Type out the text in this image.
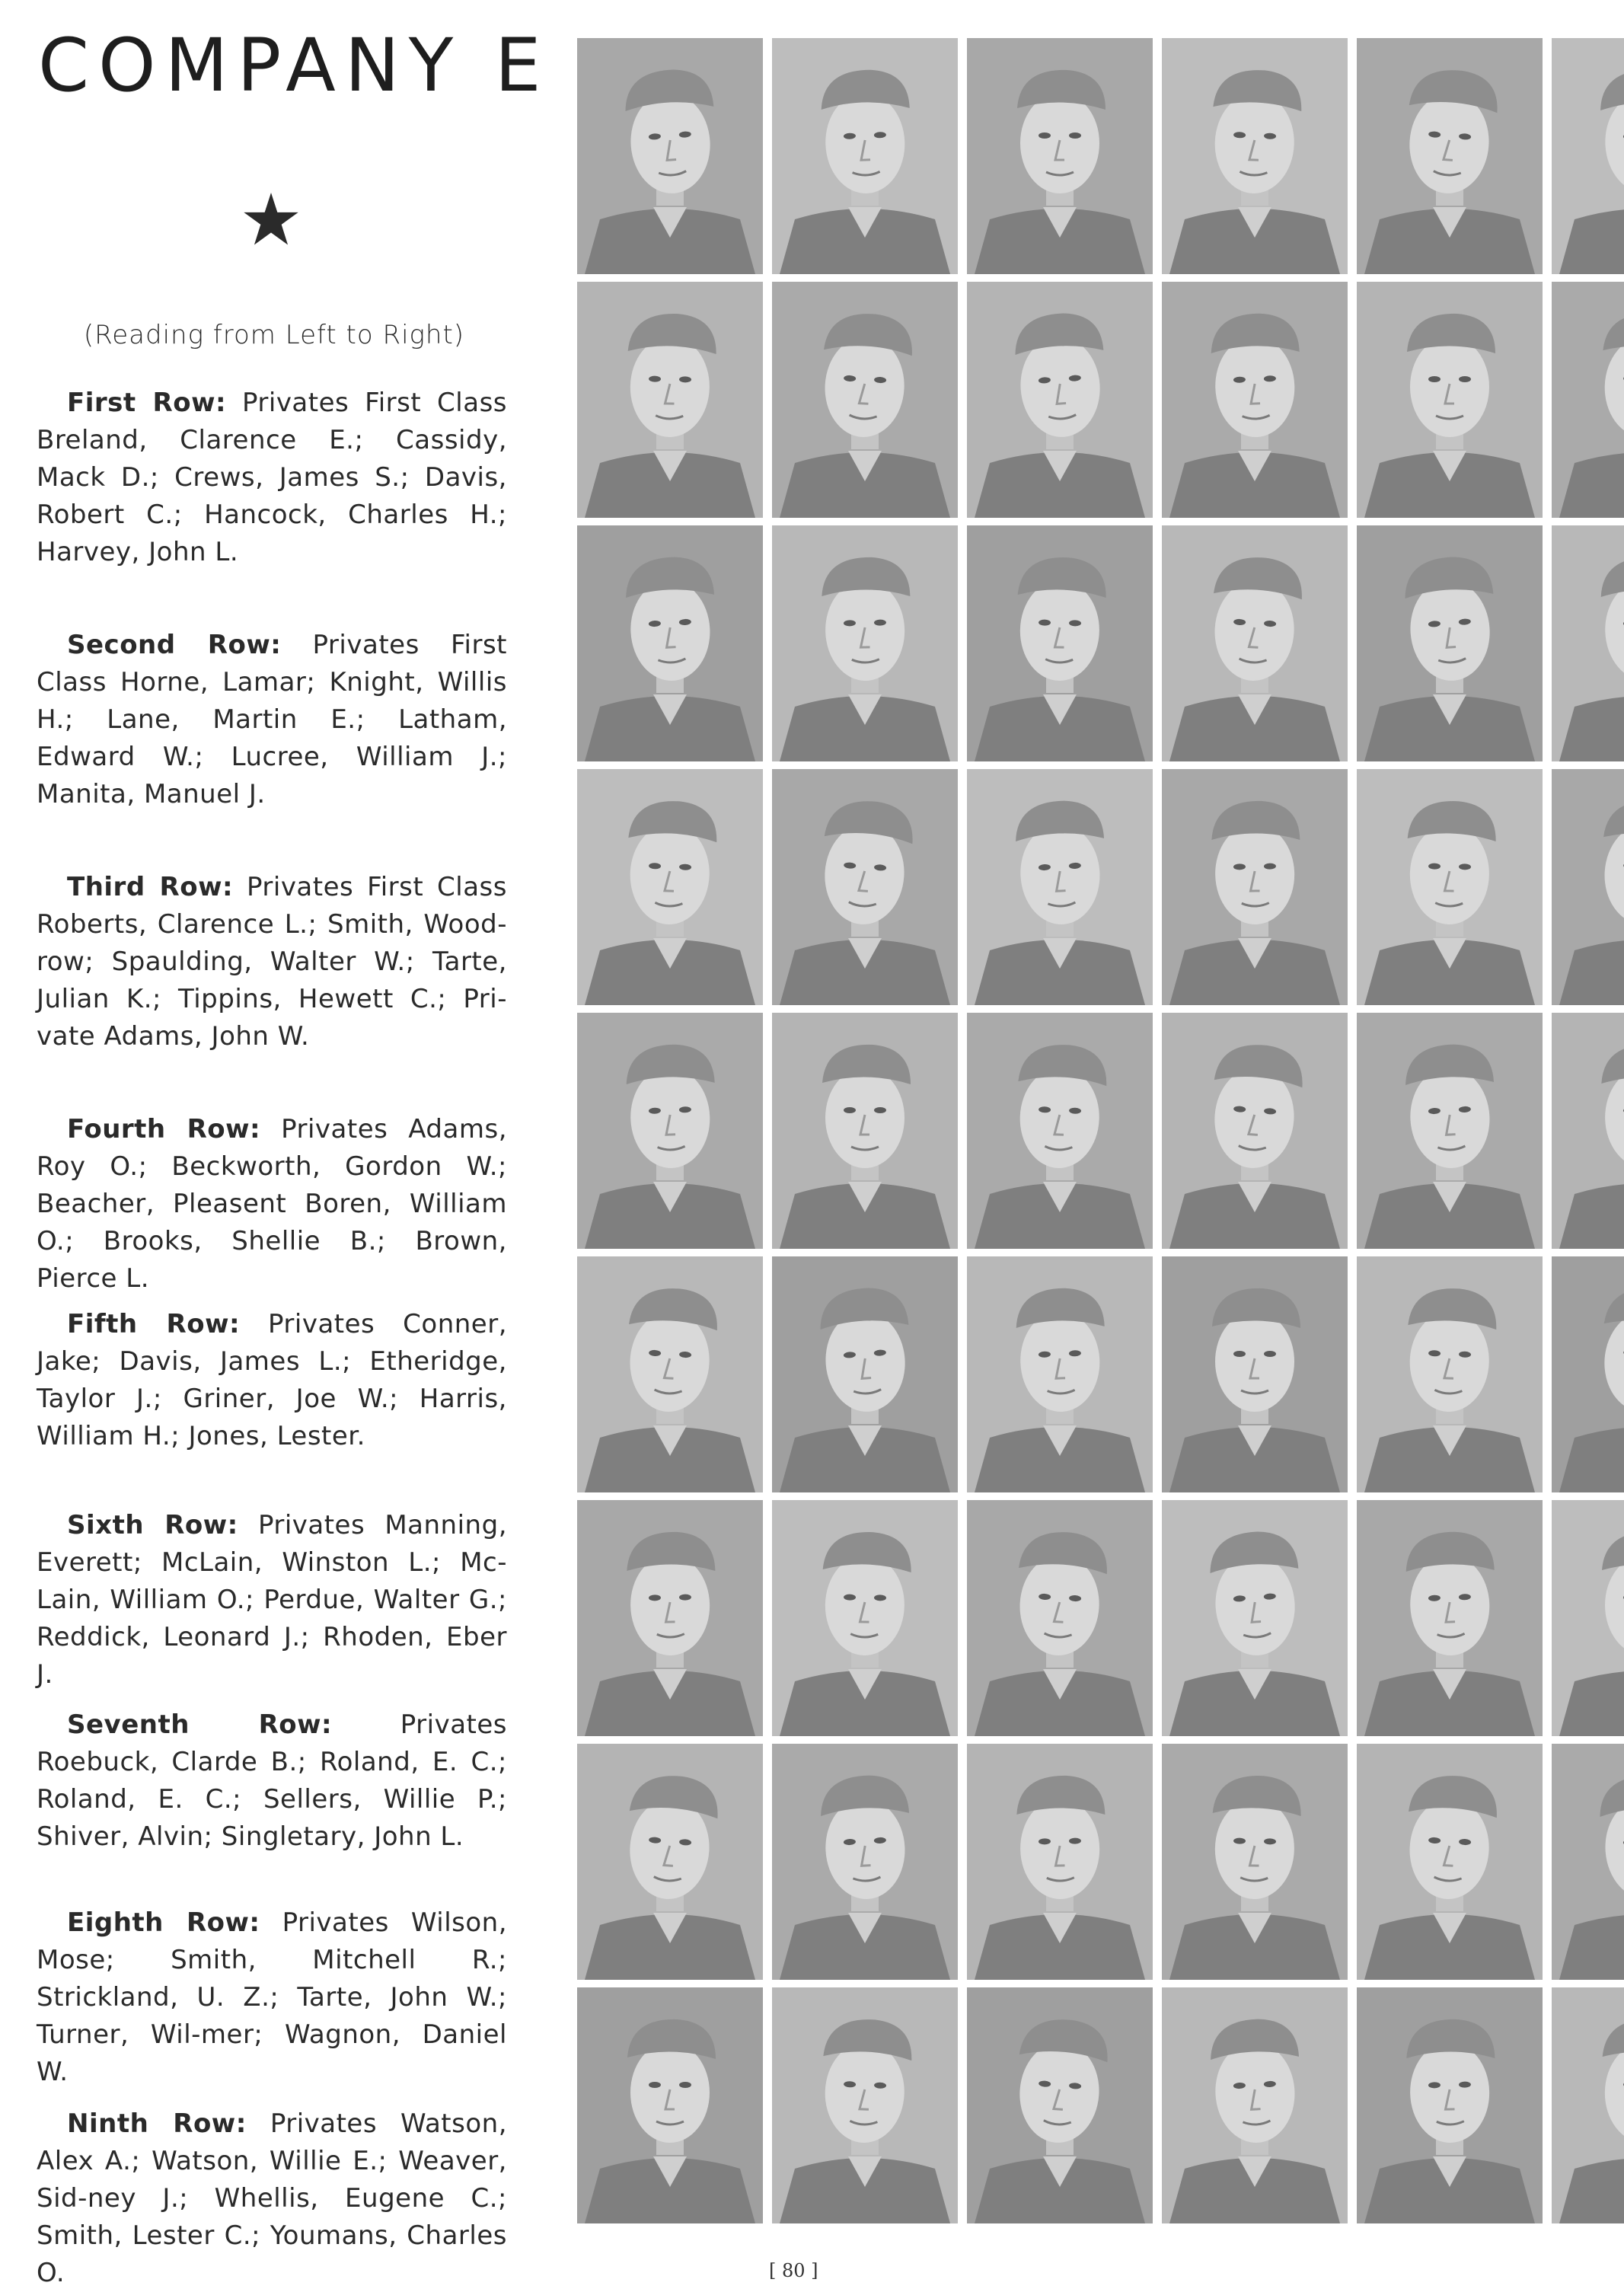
COMPANY E
(Reading from Left to Right)

First Row: Privates First Class Breland, Clarence E.; Cassidy, Mack D.; Crews, James S.; Davis, Robert C.; Hancock, Charles H.; Harvey, John L.

Second Row: Privates First Class Horne, Lamar; Knight, Willis H.; Lane, Martin E.; Latham, Edward W.; Lucree, William J.; Manita, Manuel J.

Third Row: Privates First Class Roberts, Clarence L.; Smith, Wood-row; Spaulding, Walter W.; Tarte, Julian K.; Tippins, Hewett C.; Pri-vate Adams, John W.

Fourth Row: Privates Adams, Roy O.; Beckworth, Gordon W.; Beacher, Pleasent Boren, William O.; Brooks, Shellie B.; Brown, Pierce L.

Fifth Row: Privates Conner, Jake; Davis, James L.; Etheridge, Taylor J.; Griner, Joe W.; Harris, William H.; Jones, Lester.

Sixth Row: Privates Manning, Everett; McLain, Winston L.; Mc-Lain, William O.; Perdue, Walter G.; Reddick, Leonard J.; Rhoden, Eber J.

Seventh Row:	Privates Roebuck, Clarde B.; Roland, E. C.; Roland, E. C.; Sellers, Willie P.; Shiver, Alvin; Singletary, John L.

Eighth Row: Privates Wilson, Mose; Smith, Mitchell R.; Strickland, U. Z.; Tarte, John W.; Turner, Wil-mer; Wagnon, Daniel W.

Ninth Row: Privates Watson, Alex A.; Watson, Willie E.; Weaver, Sid-ney J.; Whellis, Eugene C.; Smith, Lester C.; Youmans, Charles O.	[ 80 ]
